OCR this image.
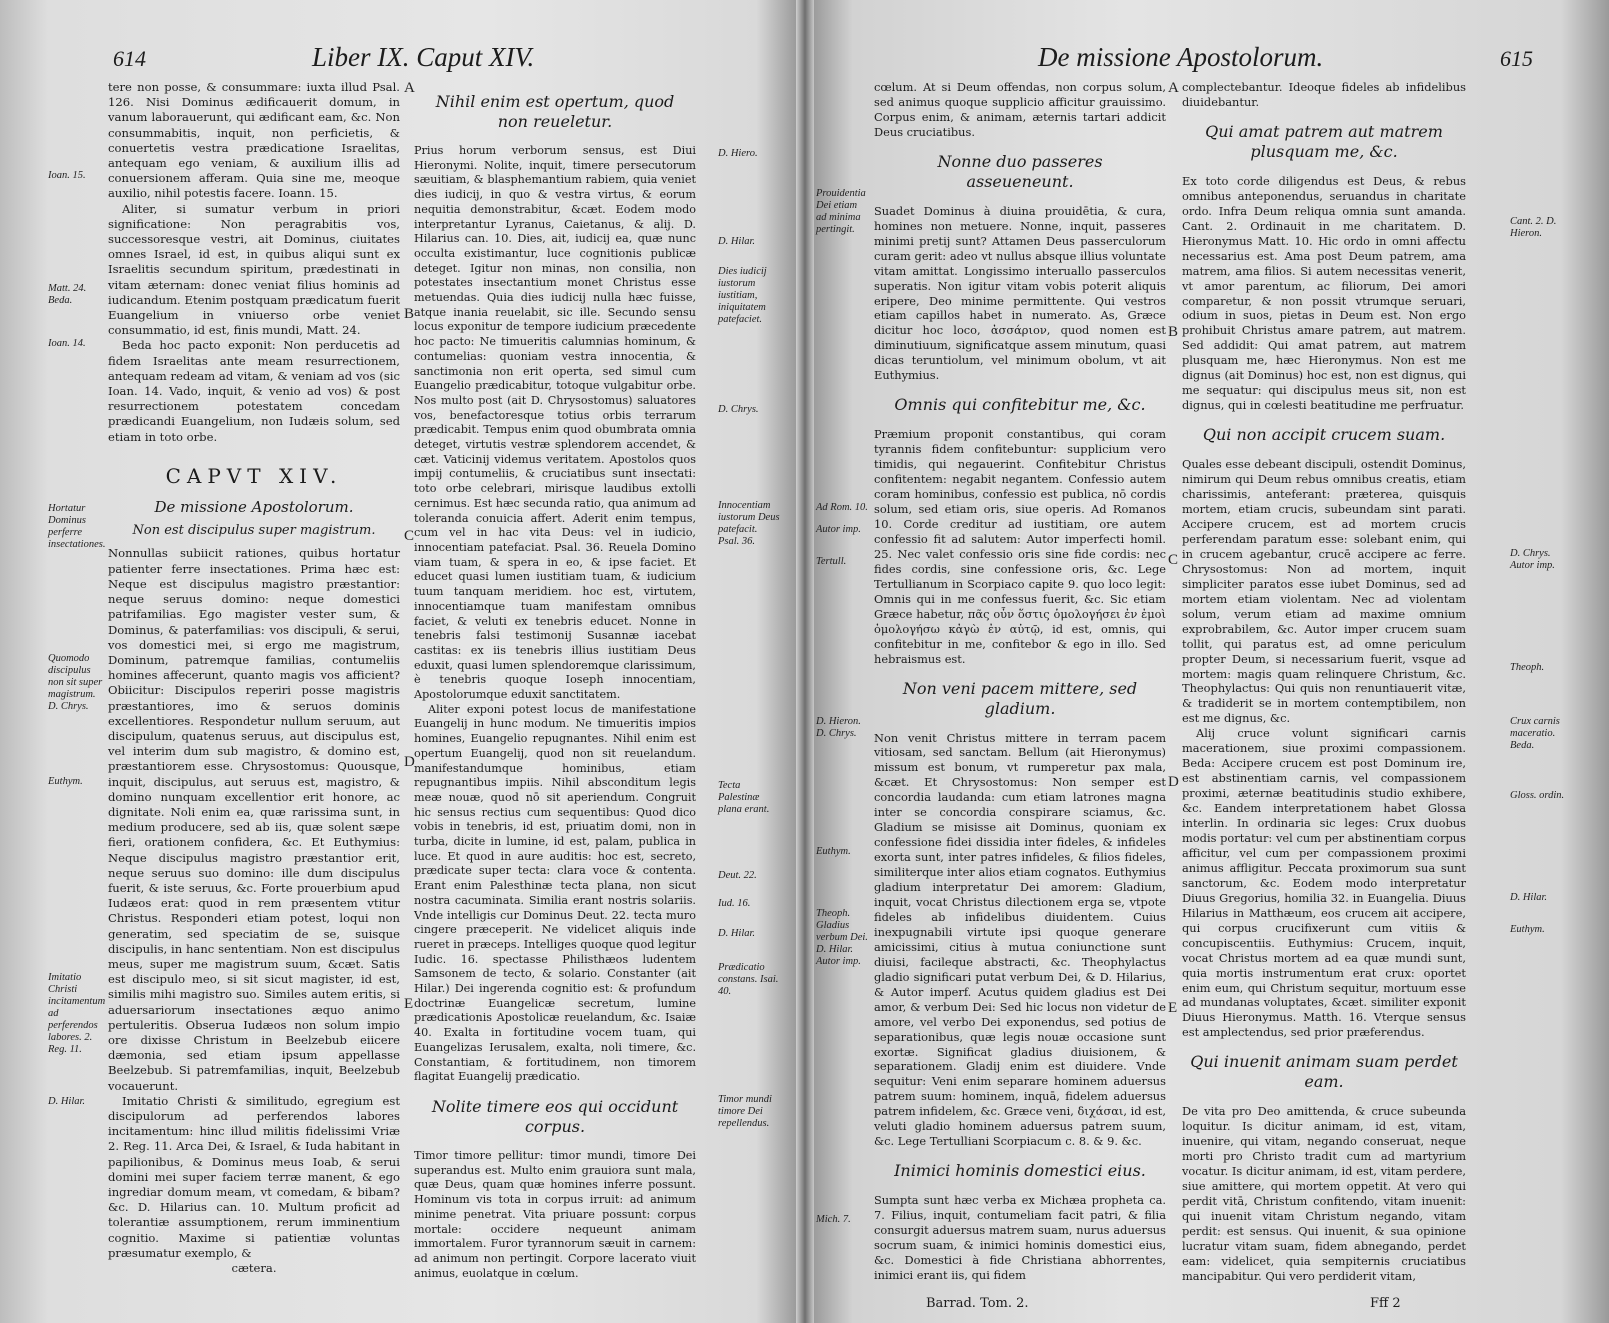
614	Liber IX. Caput XIV.

tere non posse, & consummare: iuxta illud Psal. 126. Nisi Dominus ædificauerit domum, in vanum laborauerunt, qui ædificant eam, &c. Non consummabitis, inquit, non perficietis, & conuertetis vestra prædicatione Israelitas, antequam ego veniam, & auxilium illis ad conuersionem afferam. Quia sine me, meoque auxilio, nihil potestis facere. Ioann. 15.

Aliter, si sumatur verbum in priori significatione: Non peragrabitis vos, successoresque vestri, ait Dominus, ciuitates omnes Israel, id est, in quibus aliqui sunt ex Israelitis secundum spiritum, prædestinati in vitam æternam: donec veniat filius hominis ad iudicandum. Etenim postquam prædicatum fuerit Euangelium in vniuerso orbe veniet consummatio, id est, finis mundi, Matt. 24.

Beda hoc pacto exponit: Non perducetis ad fidem Israelitas ante meam resurrectionem, antequam redeam ad vitam, & veniam ad vos (sic Ioan. 14. Vado, inquit, & venio ad vos) & post resurrectionem potestatem concedam prædicandi Euangelium, non Iudæis solum, sed etiam in toto orbe.

CAPVT XIV.
De missione Apostolorum.
Non est discipulus super magistrum.

Nonnullas subiicit rationes, quibus hortatur patienter ferre insectationes. Prima hæc est: Neque est discipulus magistro præstantior: neque seruus domino: neque domestici patrifamilias. Ego magister vester sum, & Dominus, & paterfamilias: vos discipuli, & serui, vos domestici mei, si ergo me magistrum, Dominum, patremque familias, contumeliis homines affecerunt, quanto magis vos afficient? Obiicitur: Discipulos reperiri posse magistris præstantiores, imo & seruos dominis excellentiores. Respondetur nullum seruum, aut discipulum, quatenus seruus, aut discipulus est, vel interim dum sub magistro, & domino est, præstantiorem esse. Chrysostomus: Quousque, inquit, discipulus, aut seruus est, magistro, & domino nunquam excellentior erit honore, ac dignitate. Noli enim ea, quæ rarissima sunt, in medium producere, sed ab iis, quæ solent sæpe fieri, orationem confidera, &c. Et Euthymius: Neque discipulus magistro præstantior erit, neque seruus suo domino: ille dum discipulus fuerit, & iste seruus, &c. Forte prouerbium apud Iudæos erat: quod in rem præsentem vtitur Christus. Responderi etiam potest, loqui non generatim, sed speciatim de se, suisque discipulis, in hanc sententiam. Non est discipulus meus, super me magistrum suum, &cæt. Satis est discipulo meo, si sit sicut magister, id est, similis mihi magistro suo. Similes autem eritis, si aduersariorum insectationes æquo animo pertuleritis. Obserua Iudæos non solum impio ore dixisse Christum in Beelzebub eiicere dæmonia, sed etiam ipsum appellasse Beelzebub. Si patremfamilias, inquit, Beelzebub vocauerunt.

Imitatio Christi & similitudo, egregium est discipulorum ad perferendos labores incitamentum: hinc illud militis fidelissimi Vriæ 2. Reg. 11. Arca Dei, & Israel, & Iuda habitant in papilionibus, & Dominus meus Ioab, & serui domini mei super faciem terræ manent, & ego ingrediar domum meam, vt comedam, & bibam? &c. D. Hilarius can. 10. Multum proficit ad tolerantiæ assumptionem, rerum imminentium cognitio. Maxime si patientiæ voluntas præsumatur exemplo, &

cætera.
Nihil enim est opertum, quod non reueletur.

Prius horum verborum sensus, est Diui Hieronymi. Nolite, inquit, timere persecutorum sæuitiam, & blasphemantium rabiem, quia veniet dies iudicij, in quo & vestra virtus, & eorum nequitia demonstrabitur, &cæt. Eodem modo interpretantur Lyranus, Caietanus, & alij. D. Hilarius can. 10. Dies, ait, iudicij ea, quæ nunc occulta existimantur, luce cognitionis publicæ deteget. Igitur non minas, non consilia, non potestates insectantium monet Christus esse metuendas. Quia dies iudicij nulla hæc fuisse, atque inania reuelabit, sic ille. Secundo sensu locus exponitur de tempore iudicium præcedente hoc pacto: Ne timueritis calumnias hominum, & contumelias: quoniam vestra innocentia, & sanctimonia non erit operta, sed simul cum Euangelio prædicabitur, totoque vulgabitur orbe. Nos multo post (ait D. Chrysostomus) saluatores vos, benefactoresque totius orbis terrarum prædicabit. Tempus enim quod obumbrata omnia deteget, virtutis vestræ splendorem accendet, & cæt. Vaticinij videmus veritatem. Apostolos quos impij contumeliis, & cruciatibus sunt insectati: toto orbe celebrari, mirisque laudibus extolli cernimus. Est hæc secunda ratio, qua animum ad toleranda conuicia affert. Aderit enim tempus, cum vel in hac vita Deus: vel in iudicio, innocentiam patefaciat. Psal. 36. Reuela Domino viam tuam, & spera in eo, & ipse faciet. Et educet quasi lumen iustitiam tuam, & iudicium tuum tanquam meridiem. hoc est, virtutem, innocentiamque tuam manifestam omnibus faciet, & veluti ex tenebris educet. Nonne in tenebris falsi testimonij Susannæ iacebat castitas: ex iis tenebris illius iustitiam Deus eduxit, quasi lumen splendoremque clarissimum, è tenebris quoque Ioseph innocentiam, Apostolorumque eduxit sanctitatem.

Aliter exponi potest locus de manifestatione Euangelij in hunc modum. Ne timueritis impios homines, Euangelio repugnantes. Nihil enim est opertum Euangelij, quod non sit reuelandum. manifestandumque hominibus, etiam repugnantibus impiis. Nihil absconditum legis meæ nouæ, quod nō sit aperiendum. Congruit hic sensus rectius cum sequentibus: Quod dico vobis in tenebris, id est, priuatim domi, non in turba, dicite in lumine, id est, palam, publica in luce. Et quod in aure auditis: hoc est, secreto, prædicate super tecta: clara voce & contenta. Erant enim Palesthinæ tecta plana, non sicut nostra cacuminata. Similia erant nostris solariis. Vnde intelligis cur Dominus Deut. 22. tecta muro cingere præceperit. Ne videlicet aliquis inde rueret in præceps. Intelliges quoque quod legitur Iudic. 16. spectasse Philisthæos ludentem Samsonem de tecto, & solario. Constanter (ait Hilar.) Dei ingerenda cognitio est: & profundum doctrinæ Euangelicæ secretum, lumine prædicationis Apostolicæ reuelandum, &c. Isaiæ 40. Exalta in fortitudine vocem tuam, qui Euangelizas Ierusalem, exalta, noli timere, &c. Constantiam, & fortitudinem, non timorem flagitat Euangelij prædicatio.

Nolite timere eos qui occidunt corpus.

Timor timore pellitur: timor mundi, timore Dei superandus est. Multo enim grauiora sunt mala, quæ Deus, quam quæ homines inferre possunt. Hominum vis tota in corpus irruit: ad animum minime penetrat. Vita priuare possunt: corpus mortale: occidere nequeunt animam immortalem. Furor tyrannorum sæuit in carnem: ad animum non pertingit. Corpore lacerato viuit animus, euolatque in cœlum.

Ioan. 15.
Matt. 24. Beda.
Ioan. 14.
Hortatur Dominus perferre insectationes.
Quomodo discipulus non sit super magistrum. D. Chrys.
Euthym.
Imitatio Christi incitamentum ad perferendos labores. 2. Reg. 11.
D. Hilar.
D. Hiero.
D. Hilar.
Dies iudicij iustorum iustitiam, iniquitatem patefaciet.
D. Chrys.
Innocentiam iustorum Deus patefacit. Psal. 36.
Tecta Palestinæ plana erant.
Deut. 22.
Iud. 16.
D. Hilar.
Prædicatio constans. Isai. 40.
Timor mundi timore Dei repellendus.
A
B
C
D
E
De missione Apostolorum.	615

cœlum. At si Deum offendas, non corpus solum, sed animus quoque supplicio afficitur grauissimo. Corpus enim, & animam, æternis tartari addicit Deus cruciatibus.

Nonne duo passeres asseueneunt.

Suadet Dominus à diuina prouidētia, & cura, homines non metuere. Nonne, inquit, passeres minimi pretij sunt? Attamen Deus passerculorum curam gerit: adeo vt nullus absque illius voluntate vitam amittat. Longissimo interuallo passerculos superatis. Non igitur vitam vobis poterit aliquis eripere, Deo minime permittente. Qui vestros etiam capillos habet in numerato. As, Græce dicitur hoc loco, ἀσσάριον, quod nomen est diminutiuum, significatque assem minutum, quasi dicas teruntiolum, vel minimum obolum, vt ait Euthymius.

Omnis qui confitebitur me, &c.

Præmium proponit constantibus, qui coram tyrannis fidem confitebuntur: supplicium vero timidis, qui negauerint. Confitebitur Christus confitentem: negabit negantem. Confessio autem coram hominibus, confessio est publica, nō cordis solum, sed etiam oris, siue operis. Ad Romanos 10. Corde creditur ad iustitiam, ore autem confessio fit ad salutem: Autor imperfecti homil. 25. Nec valet confessio oris sine fide cordis: nec fides cordis, sine confessione oris, &c. Lege Tertullianum in Scorpiaco capite 9. quo loco legit: Omnis qui in me confessus fuerit, &c. Sic etiam Græce habetur, πᾶς οὖν ὅστις ὁμολογήσει ἐν ἐμοὶ ὁμολογήσω κἀγὼ ἐν αὐτῷ, id est, omnis, qui confitebitur in me, confitebor & ego in illo. Sed hebraismus est.

Non veni pacem mittere, sed gladium.

Non venit Christus mittere in terram pacem vitiosam, sed sanctam. Bellum (ait Hieronymus) missum est bonum, vt rumperetur pax mala, &cæt. Et Chrysostomus: Non semper est concordia laudanda: cum etiam latrones magna inter se concordia conspirare sciamus, &c. Gladium se misisse ait Dominus, quoniam ex confessione fidei dissidia inter fideles, & infideles exorta sunt, inter patres infideles, & filios fideles, similiterque inter alios etiam cognatos. Euthymius gladium interpretatur Dei amorem: Gladium, inquit, vocat Christus dilectionem erga se, vtpote fideles ab infidelibus diuidentem. Cuius inexpugnabili virtute ipsi quoque generare amicissimi, citius à mutua coniunctione sunt diuisi, facileque abstracti, &c. Theophylactus gladio significari putat verbum Dei, & D. Hilarius, & Autor imperf. Acutus quidem gladius est Dei amor, & verbum Dei: Sed hic locus non videtur de amore, vel verbo Dei exponendus, sed potius de separationibus, quæ legis nouæ occasione sunt exortæ. Significat gladius diuisionem, & separationem. Gladij enim est diuidere. Vnde sequitur: Veni enim separare hominem aduersus patrem suum: hominem, inquā, fidelem aduersus patrem infidelem, &c. Græce veni, διχάσαι, id est, veluti gladio hominem aduersus patrem suum, &c. Lege Tertulliani Scorpiacum c. 8. & 9. &c.

Inimici hominis domestici eius.

Sumpta sunt hæc verba ex Michæa propheta ca. 7. Filius, inquit, contumeliam facit patri, & filia consurgit aduersus matrem suam, nurus aduersus socrum suam, & inimici hominis domestici eius, &c. Domestici à fide Christiana abhorrentes, inimici erant iis, qui fidem

Barrad. Tom. 2.

complectebantur. Ideoque fideles ab infidelibus diuidebantur.

Qui amat patrem aut matrem plusquam me, &c.

Ex toto corde diligendus est Deus, & rebus omnibus anteponendus, seruandus in charitate ordo. Infra Deum reliqua omnia sunt amanda. Cant. 2. Ordinauit in me charitatem. D. Hieronymus Matt. 10. Hic ordo in omni affectu necessarius est. Ama post Deum patrem, ama matrem, ama filios. Si autem necessitas venerit, vt amor parentum, ac filiorum, Dei amori comparetur, & non possit vtrumque seruari, odium in suos, pietas in Deum est. Non ergo prohibuit Christus amare patrem, aut matrem. Sed addidit: Qui amat patrem, aut matrem plusquam me, hæc Hieronymus. Non est me dignus (ait Dominus) hoc est, non est dignus, qui me sequatur: qui discipulus meus sit, non est dignus, qui in cœlesti beatitudine me perfruatur.

Qui non accipit crucem suam.

Quales esse debeant discipuli, ostendit Dominus, nimirum qui Deum rebus omnibus creatis, etiam charissimis, anteferant: præterea, quisquis mortem, etiam crucis, subeundam sint parati. Accipere crucem, est ad mortem crucis perferendam paratum esse: solebant enim, qui in crucem agebantur, crucē accipere ac ferre. Chrysostomus: Non ad mortem, inquit simpliciter paratos esse iubet Dominus, sed ad mortem etiam violentam. Nec ad violentam solum, verum etiam ad maxime omnium exprobrabilem, &c. Autor imper crucem suam tollit, qui paratus est, ad omne periculum propter Deum, si necessarium fuerit, vsque ad mortem: magis quam relinquere Christum, &c. Theophylactus: Qui quis non renuntiauerit vitæ, & tradiderit se in mortem contemptibilem, non est me dignus, &c.

Alij cruce volunt significari carnis macerationem, siue proximi compassionem. Beda: Accipere crucem est post Dominum ire, est abstinentiam carnis, vel compassionem proximi, æternæ beatitudinis studio exhibere, &c. Eandem interpretationem habet Glossa interlin. In ordinaria sic leges: Crux duobus modis portatur: vel cum per abstinentiam corpus afficitur, vel cum per compassionem proximi animus affligitur. Peccata proximorum sua sunt sanctorum, &c. Eodem modo interpretatur Diuus Gregorius, homilia 32. in Euangelia. Diuus Hilarius in Matthæum, eos crucem ait accipere, qui corpus crucifixerunt cum vitiis & concupiscentiis. Euthymius: Crucem, inquit, vocat Christus mortem ad ea quæ mundi sunt, quia mortis instrumentum erat crux: oportet enim eum, qui Christum sequitur, mortuum esse ad mundanas voluptates, &cæt. similiter exponit Diuus Hieronymus. Matth. 16. Vterque sensus est amplectendus, sed prior præferendus.

Qui inuenit animam suam perdet eam.

De vita pro Deo amittenda, & cruce subeunda loquitur. Is dicitur animam, id est, vitam, inuenire, qui vitam, negando conseruat, neque morti pro Christo tradit cum ad martyrium vocatur. Is dicitur animam, id est, vitam perdere, siue amittere, qui mortem oppetit. At vero qui perdit vitā, Christum confitendo, vitam inuenit: qui inuenit vitam Christum negando, vitam perdit: est sensus. Qui inuenit, & sua opinione lucratur vitam suam, fidem abnegando, perdet eam: videlicet, quia sempiternis cruciatibus mancipabitur. Qui vero perdiderit vitam,

Fff 2
Prouidentia Dei etiam ad minima pertingit.
Ad Rom. 10.
Autor imp.
Tertull.
D. Hieron. D. Chrys.
Euthym.
Theoph. Gladius verbum Dei. D. Hilar. Autor imp.
Mich. 7.
Cant. 2. D. Hieron.
D. Chrys. Autor imp.
Theoph.
Crux carnis maceratio. Beda.
Gloss. ordin.
D. Hilar.
Euthym.
A
B
C
D
E
